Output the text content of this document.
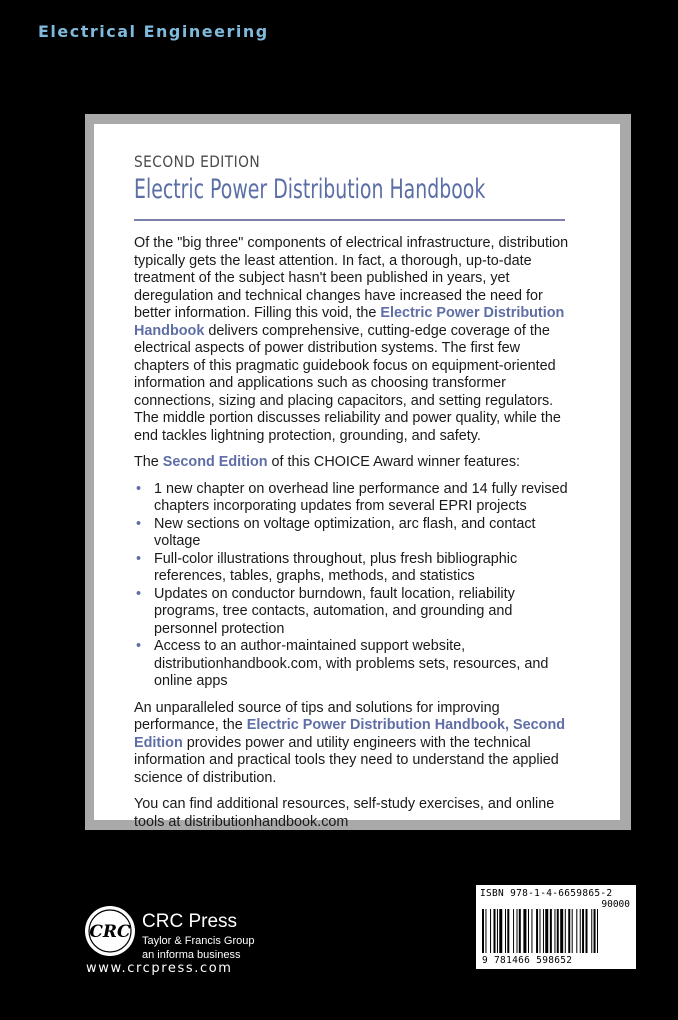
Electrical Engineering
SECOND EDITION
Electric Power Distribution Handbook

Of the "big three" components of electrical infrastructure, distribution typically gets the least attention. In fact, a thorough, up-to-date treatment of the subject hasn't been published in years, yet deregulation and technical changes have increased the need for better information. Filling this void, the Electric Power Distribution Handbook delivers comprehensive, cutting-edge coverage of the electrical aspects of power distribution systems. The first few chapters of this pragmatic guidebook focus on equipment-oriented information and applications such as choosing transformer connections, sizing and placing capacitors, and setting regulators. The middle portion discusses reliability and power quality, while the end tackles lightning protection, grounding, and safety.

The Second Edition of this CHOICE Award winner features:

• 1 new chapter on overhead line performance and 14 fully revised chapters incorporating updates from several EPRI projects
• New sections on voltage optimization, arc flash, and contact voltage
• Full-color illustrations throughout, plus fresh bibliographic references, tables, graphs, methods, and statistics
• Updates on conductor burndown, fault location, reliability programs, tree contacts, automation, and grounding and personnel protection
• Access to an author-maintained support website, distributionhandbook.com, with problems sets, resources, and online apps

An unparalleled source of tips and solutions for improving performance, the Electric Power Distribution Handbook, Second Edition provides power and utility engineers with the technical information and practical tools they need to understand the applied science of distribution.

You can find additional resources, self-study exercises, and online tools at distributionhandbook.com

CRC CRC Press
Taylor & Francis Group
an informa business
www.crcpress.com
ISBN 978-1-4-6659865-2
90000
9 781466 598652
